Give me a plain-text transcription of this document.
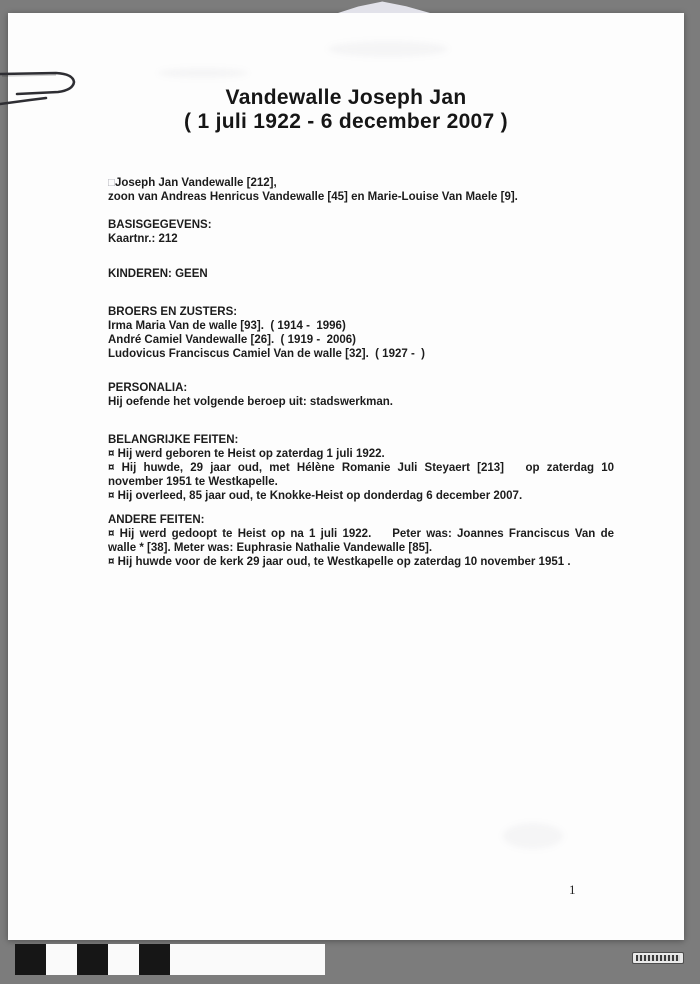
Vandewalle Joseph Jan
( 1 juli 1922 - 6 december 2007 )
□Joseph Jan Vandewalle [212],
zoon van Andreas Henricus Vandewalle [45] en Marie-Louise Van Maele [9].
BASISGEGEVENS:
Kaartnr.: 212
KINDEREN: GEEN
BROERS EN ZUSTERS:
Irma Maria Van de walle [93].  ( 1914 -  1996)
André Camiel Vandewalle [26].  ( 1919 -  2006)
Ludovicus Franciscus Camiel Van de walle [32].  ( 1927 -  )
PERSONALIA:
Hij oefende het volgende beroep uit: stadswerkman.
BELANGRIJKE FEITEN:
¤ Hij werd geboren te Heist op zaterdag 1 juli 1922.
¤ Hij huwde, 29 jaar oud, met Hélène Romanie Juli Steyaert [213]   op zaterdag 10
november 1951 te Westkapelle.
¤ Hij overleed, 85 jaar oud, te Knokke-Heist op donderdag 6 december 2007.
ANDERE FEITEN:
¤ Hij werd gedoopt te Heist op na 1 juli 1922.    Peter was: Joannes Franciscus Van de
walle * [38]. Meter was: Euphrasie Nathalie Vandewalle [85].
¤ Hij huwde voor de kerk 29 jaar oud, te Westkapelle op zaterdag 10 november 1951 .
1
